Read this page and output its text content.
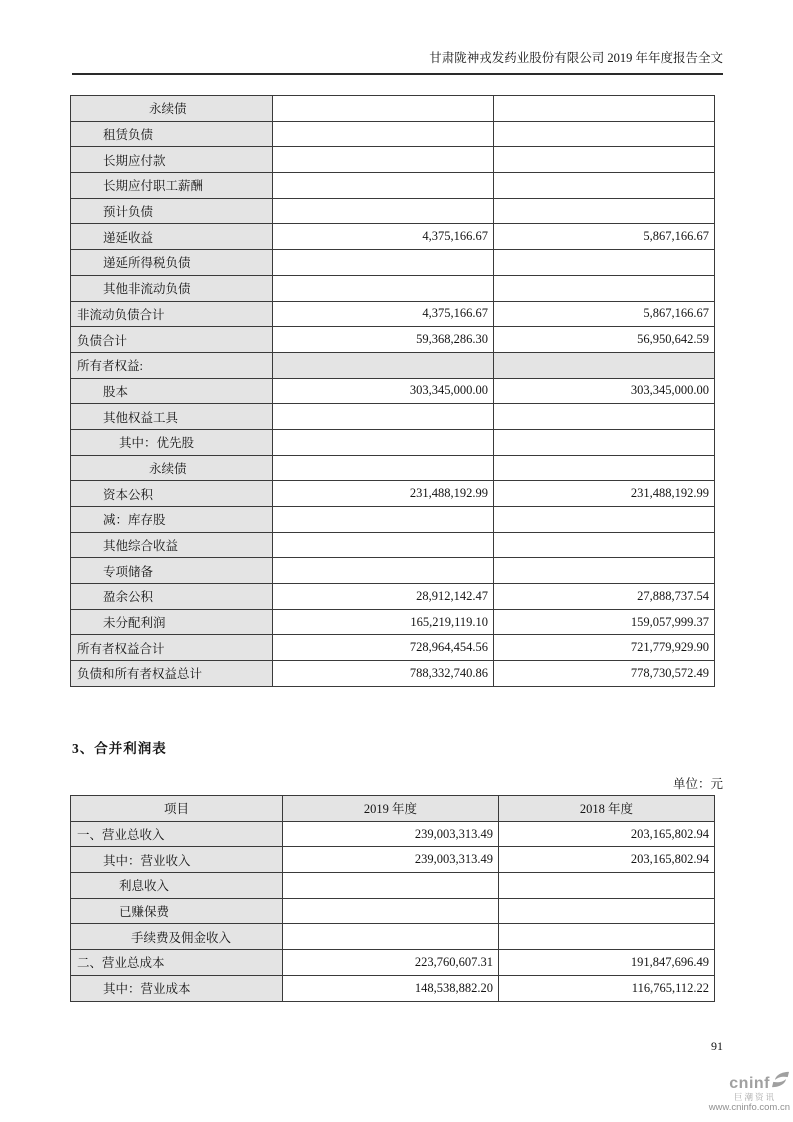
甘肃陇神戎发药业股份有限公司 2019 年年度报告全文
永续债		
租赁负债		
长期应付款		
长期应付职工薪酬		
预计负债		
递延收益	4,375,166.67	5,867,166.67
递延所得税负债		
其他非流动负债		
非流动负债合计	4,375,166.67	5,867,166.67
负债合计	59,368,286.30	56,950,642.59
所有者权益:		
股本	303,345,000.00	303,345,000.00
其他权益工具		
其中：优先股		
永续债		
资本公积	231,488,192.99	231,488,192.99
减：库存股		
其他综合收益		
专项储备		
盈余公积	28,912,142.47	27,888,737.54
未分配利润	165,219,119.10	159,057,999.37
所有者权益合计	728,964,454.56	721,779,929.90
负债和所有者权益总计	788,332,740.86	778,730,572.49
3、合并利润表
单位：元
项目	2019 年度	2018 年度
一、营业总收入	239,003,313.49	203,165,802.94
其中：营业收入	239,003,313.49	203,165,802.94
利息收入		
已赚保费		
手续费及佣金收入		
二、营业总成本	223,760,607.31	191,847,696.49
其中：营业成本	148,538,882.20	116,765,112.22
91
cninf
巨潮资讯
www.cninfo.com.cn
